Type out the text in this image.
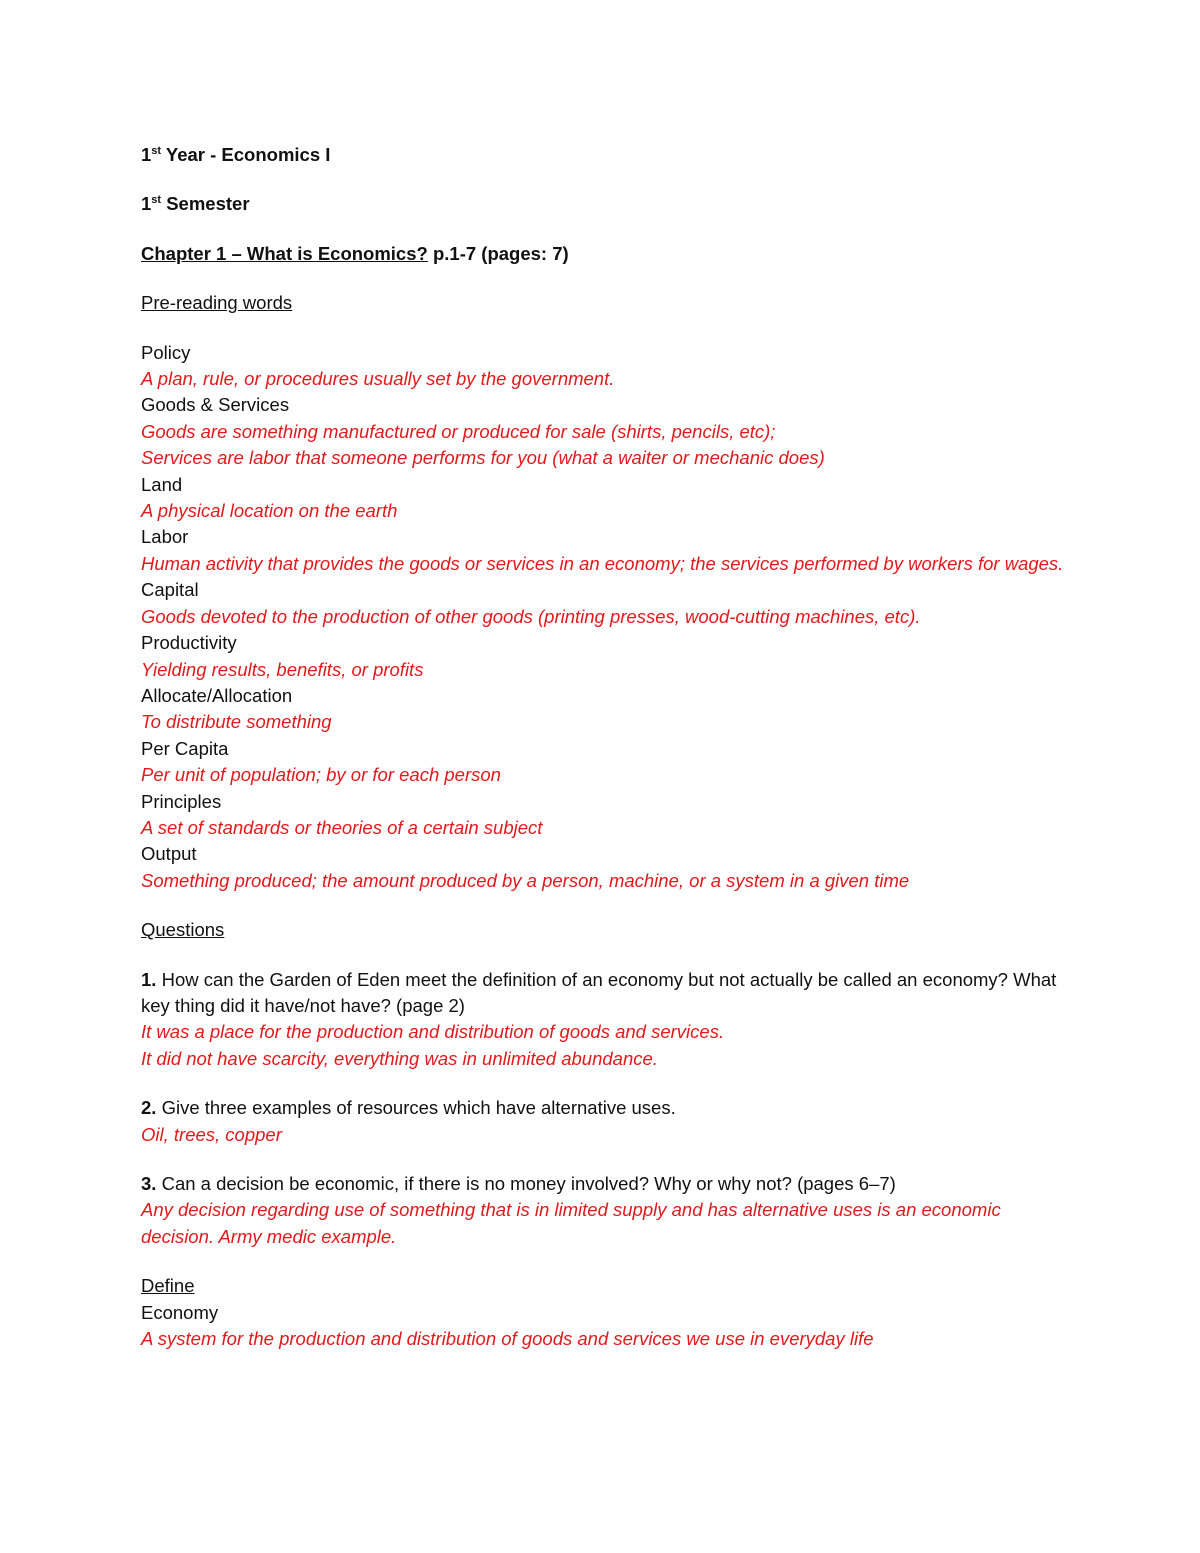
1st Year - Economics I
1st Semester
Chapter 1 – What is Economics? p.1-7 (pages: 7)
Pre-reading words
Policy
A plan, rule, or procedures usually set by the government.
Goods & Services
Goods are something manufactured or produced for sale (shirts, pencils, etc);
Services are labor that someone performs for you (what a waiter or mechanic does)
Land
A physical location on the earth
Labor
Human activity that provides the goods or services in an economy; the services performed by workers for wages.
Capital
Goods devoted to the production of other goods (printing presses, wood-cutting machines, etc).
Productivity
Yielding results, benefits, or profits
Allocate/Allocation
To distribute something
Per Capita
Per unit of population; by or for each person
Principles
A set of standards or theories of a certain subject
Output
Something produced; the amount produced by a person, machine, or a system in a given time
Questions
1. How can the Garden of Eden meet the definition of an economy but not actually be called an economy? What key thing did it have/not have? (page 2)
It was a place for the production and distribution of goods and services.
It did not have scarcity, everything was in unlimited abundance.
2. Give three examples of resources which have alternative uses.
Oil, trees, copper
3. Can a decision be economic, if there is no money involved? Why or why not? (pages 6–7)
Any decision regarding use of something that is in limited supply and has alternative uses is an economic decision. Army medic example.
Define
Economy
A system for the production and distribution of goods and services we use in everyday life
